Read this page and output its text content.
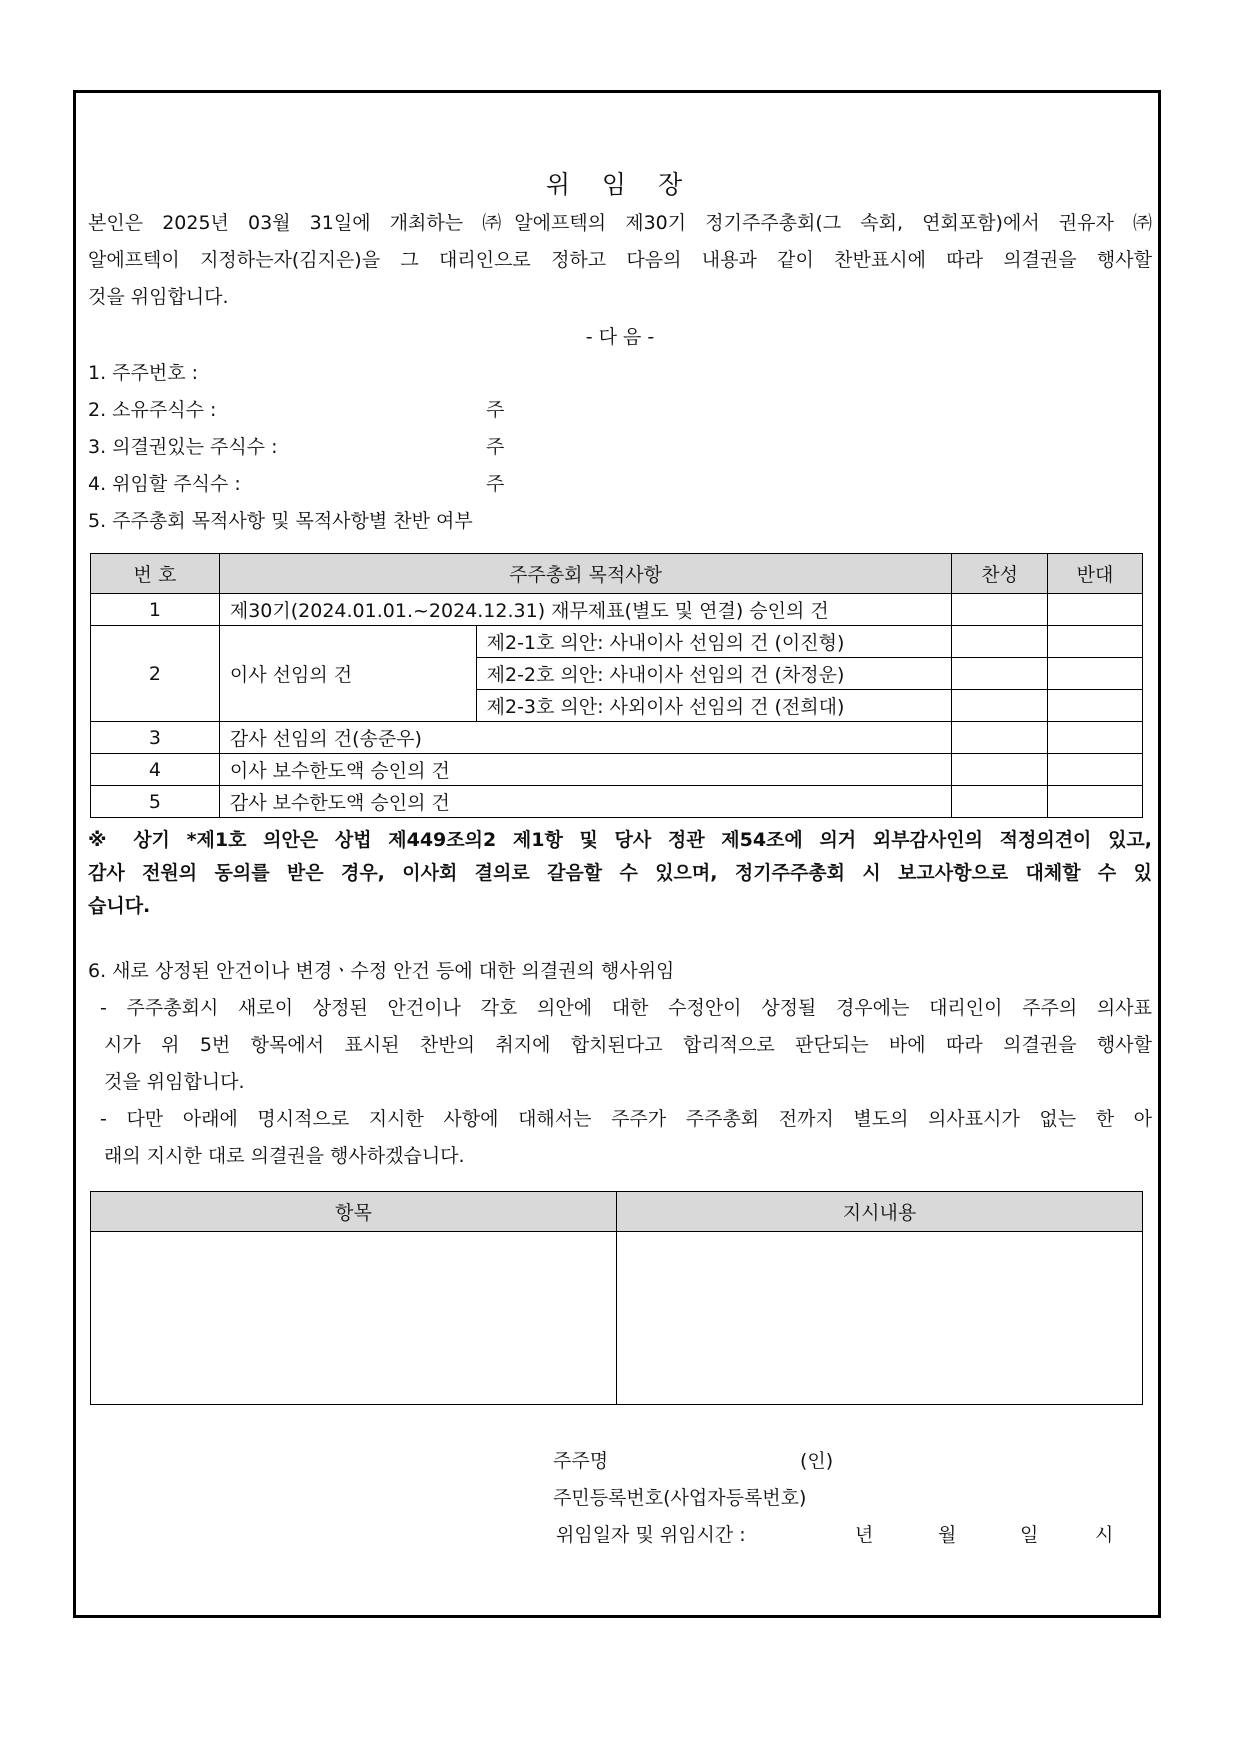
위 임 장
본인은 2025년 03월 31일에 개최하는 ㈜알에프텍의 제30기 정기주주총회(그 속회, 연회포함)에서 권유자 ㈜
알에프텍이 지정하는자(김지은)을 그 대리인으로 정하고 다음의 내용과 같이 찬반표시에 따라 의결권을 행사할
것을 위임합니다.
- 다 음 -
1. 주주번호 :
2. 소유주식수 :	주
3. 의결권있는 주식수 :	주
4. 위임할 주식수 :	주
5. 주주총회 목적사항 및 목적사항별 찬반 여부
번 호	주주총회 목적사항		찬성	반대
1	제30기(2024.01.01.~2024.12.31) 재무제표(별도 및 연결) 승인의 건			
2	이사 선임의 건	제2-1호 의안: 사내이사 선임의 건 (이진형)		
		제2-2호 의안: 사내이사 선임의 건 (차정운)		
		제2-3호 의안: 사외이사 선임의 건 (전희대)		
3	감사 선임의 건(송준우)			
4	이사 보수한도액 승인의 건			
5	감사 보수한도액 승인의 건			
※ 상기 *제1호 의안은 상법 제449조의2 제1항 및 당사 정관 제54조에 의거 외부감사인의 적정의견이 있고,
감사 전원의 동의를 받은 경우, 이사회 결의로 갈음할 수 있으며, 정기주주총회 시 보고사항으로 대체할 수 있
습니다.
6. 새로 상정된 안건이나 변경ㆍ수정 안건 등에 대한 의결권의 행사위임
- 주주총회시 새로이 상정된 안건이나 각호 의안에 대한 수정안이 상정될 경우에는 대리인이 주주의 의사표
시가 위 5번 항목에서 표시된 찬반의 취지에 합치된다고 합리적으로 판단되는 바에 따라 의결권을 행사할
것을 위임합니다.
- 다만 아래에 명시적으로 지시한 사항에 대해서는 주주가 주주총회 전까지 별도의 의사표시가 없는 한 아
래의 지시한 대로 의결권을 행사하겠습니다.
항목	지시내용

주주명	(인)
주민등록번호(사업자등록번호)
위임일자 및 위임시간 :	년	월	일	시
